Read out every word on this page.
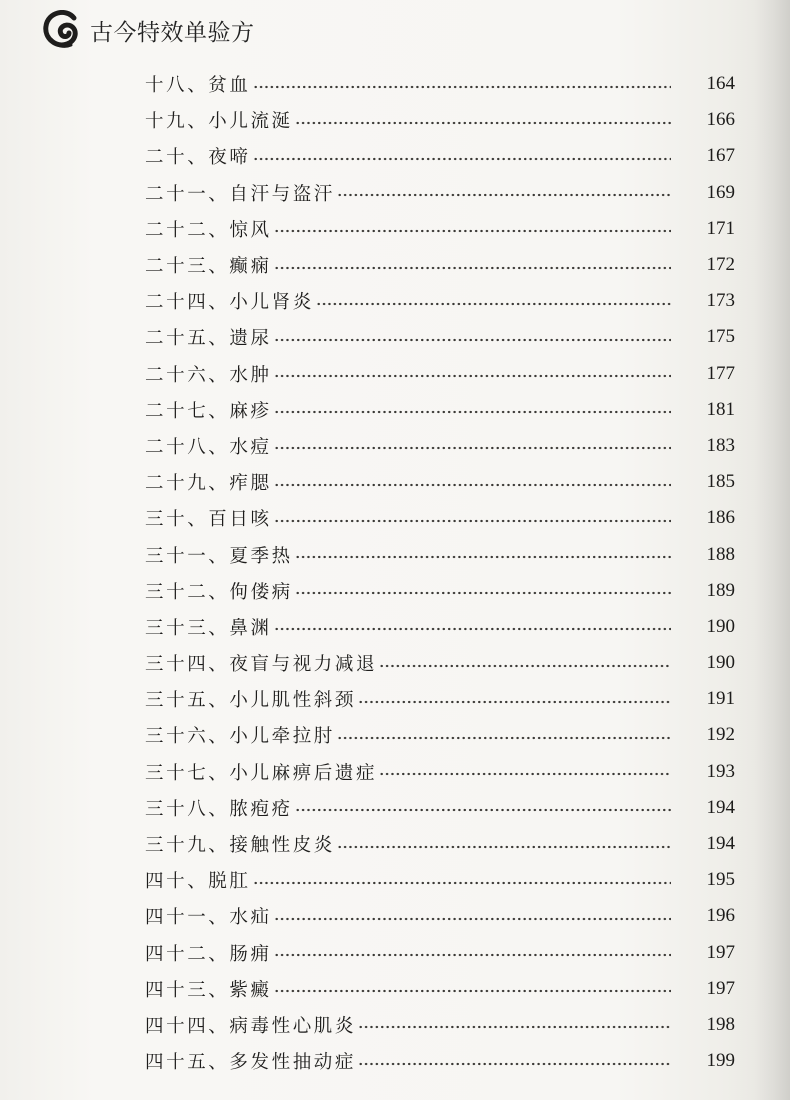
古今特效单验方
十八、贫血	164
十九、小儿流涎	166
二十、夜啼	167
二十一、自汗与盗汗	169
二十二、惊风	171
二十三、癫痫	172
二十四、小儿肾炎	173
二十五、遗尿	175
二十六、水肿	177
二十七、麻疹	181
二十八、水痘	183
二十九、痄腮	185
三十、百日咳	186
三十一、夏季热	188
三十二、佝偻病	189
三十三、鼻渊	190
三十四、夜盲与视力减退	190
三十五、小儿肌性斜颈	191
三十六、小儿牵拉肘	192
三十七、小儿麻痹后遗症	193
三十八、脓疱疮	194
三十九、接触性皮炎	194
四十、脱肛	195
四十一、水疝	196
四十二、肠痈	197
四十三、紫癜	197
四十四、病毒性心肌炎	198
四十五、多发性抽动症	199
